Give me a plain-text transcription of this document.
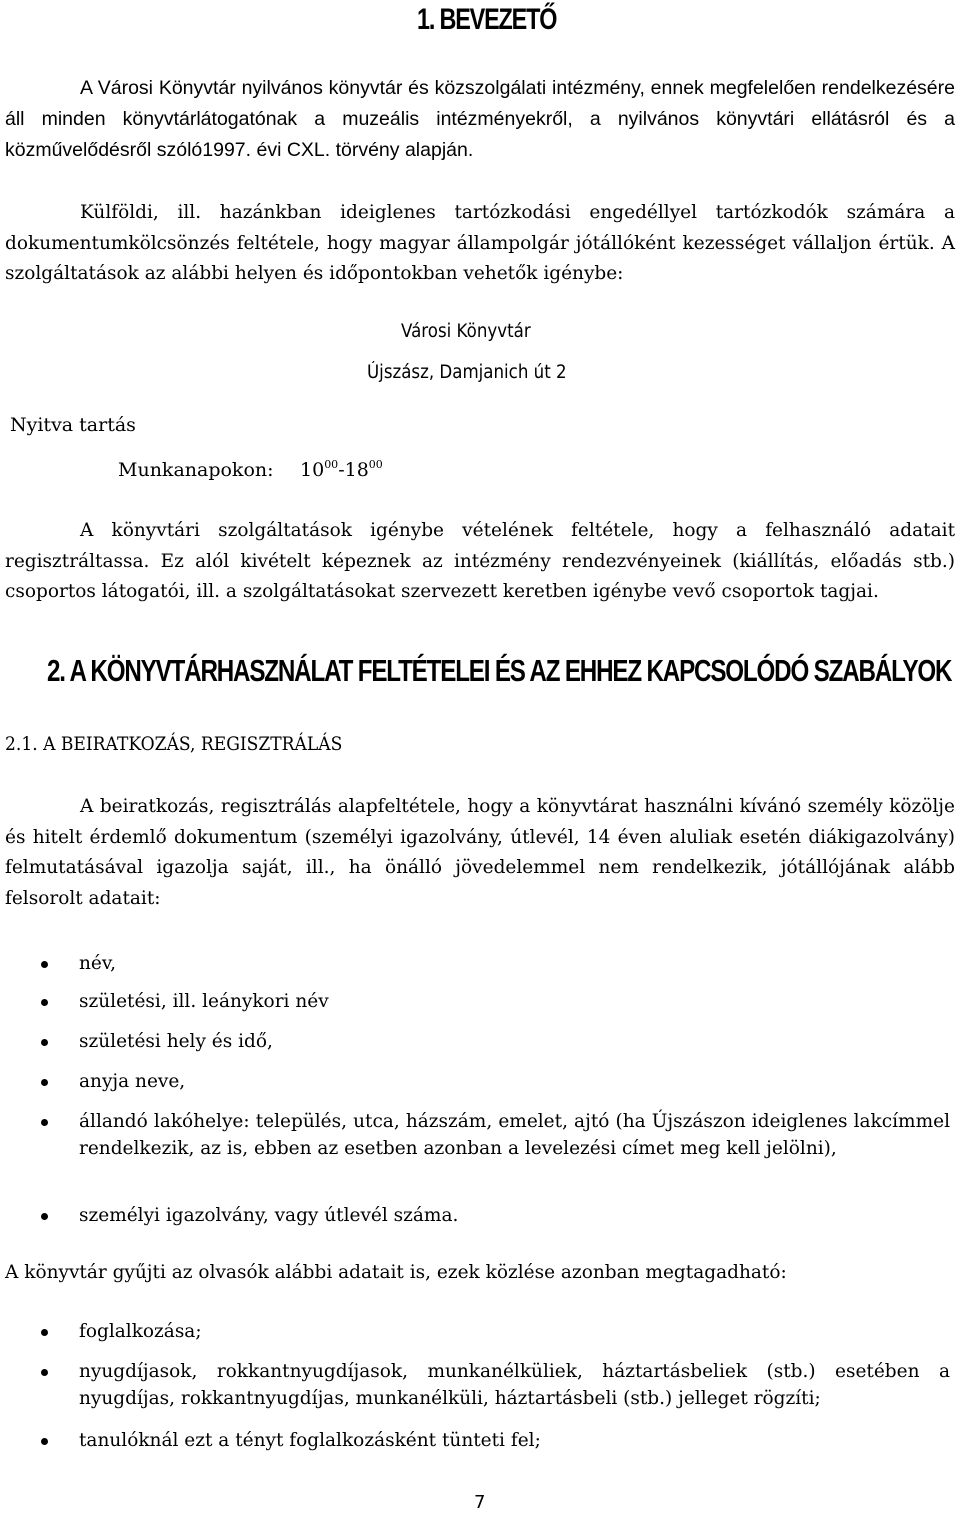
1. BEVEZETŐ

A Városi Könyvtár nyilvános könyvtár és közszolgálati intézmény, ennek megfelelően rendelkezésére áll minden könyvtárlátogatónak a muzeális intézményekről, a nyilvános könyvtári ellátásról és a közművelődésről szóló1997. évi CXL. törvény alapján.

Külföldi, ill. hazánkban ideiglenes tartózkodási engedéllyel tartózkodók számára a dokumentumkölcsönzés feltétele, hogy magyar állampolgár jótállóként kezességet vállaljon értük. A szolgáltatások az alábbi helyen és időpontokban vehetők igénybe:

Városi Könyvtár
Újszász, Damjanich út 2
Nyitva tartás
Munkanapokon: $10^{00}-18^{00}$

A könyvtári szolgáltatások igénybe vételének feltétele, hogy a felhasználó adatait regisztráltassa. Ez alól kivételt képeznek az intézmény rendezvényeinek (kiállítás, előadás stb.) csoportos látogatói, ill. a szolgáltatásokat szervezett keretben igénybe vevő csoportok tagjai.

2. A KÖNYVTÁRHASZNÁLAT FELTÉTELEI ÉS AZ EHHEZ KAPCSOLÓDÓ SZABÁLYOK
2.1. A BEIRATKOZÁS, REGISZTRÁLÁS

A beiratkozás, regisztrálás alapfeltétele, hogy a könyvtárat használni kívánó személy közölje és hitelt érdemlő dokumentum (személyi igazolvány, útlevél, 14 éven aluliak esetén diákigazolvány) felmutatásával igazolja saját, ill., ha önálló jövedelemmel nem rendelkezik, jótállójának alább felsorolt adatait:

név,
születési, ill. leánykori név
születési hely és idő,
anyja neve,
állandó lakóhelye: település, utca, házszám, emelet, ajtó (ha Újszászon ideiglenes lakcímmel rendelkezik, az is, ebben az esetben azonban a levelezési címet meg kell jelölni),
személyi igazolvány, vagy útlevél száma.

A könyvtár gyűjti az olvasók alábbi adatait is, ezek közlése azonban megtagadható:

foglalkozása;
nyugdíjasok, rokkantnyugdíjasok, munkanélküliek, háztartásbeliek (stb.) esetében a nyugdíjas, rokkantnyugdíjas, munkanélküli, háztartásbeli (stb.) jelleget rögzíti;
tanulóknál ezt a tényt foglalkozásként tünteti fel;
7
